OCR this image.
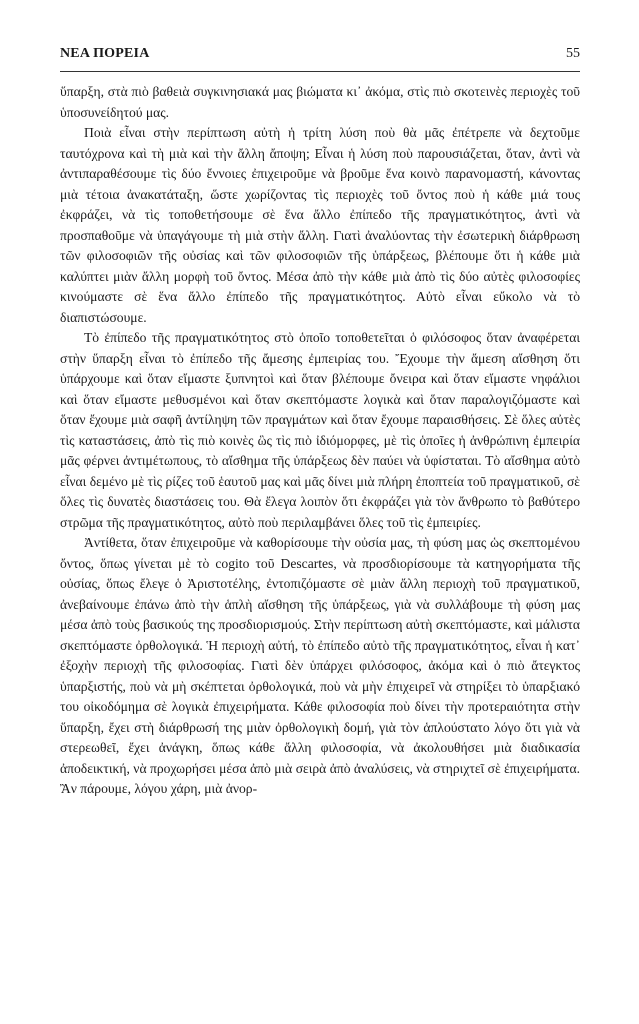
ΝΕΑ ΠΟΡΕΙΑ	55

ὕπαρξη, στὰ πιὸ βαθειὰ συγκινησιακά μας βιώματα κι᾽ ἀκόμα, στὶς πιὸ σκοτεινὲς περιοχὲς τοῦ ὑποσυνείδητού μας.

Ποιὰ εἶναι στὴν περίπτωση αὐτὴ ἡ τρίτη λύση ποὺ θὰ μᾶς ἐπέτρεπε νὰ δεχτοῦμε ταυτόχρονα καὶ τὴ μιὰ καὶ τὴν ἄλλη ἄποψη; Εἶναι ἡ λύση ποὺ παρουσιάζεται, ὅταν, ἀντὶ νὰ ἀντιπαραθέσουμε τὶς δύο ἔννοιες ἐπιχειροῦμε νὰ βροῦμε ἕνα κοινὸ παρανομαστή, κάνοντας μιὰ τέτοια ἀνακατάταξη, ὥστε χωρίζοντας τὶς περιοχὲς τοῦ ὄντος ποὺ ἡ κάθε μιά τους ἐκφράζει, νὰ τὶς τοποθετήσουμε σὲ ἕνα ἄλλο ἐπίπεδο τῆς πραγματικότητος, ἀντὶ νὰ προσπαθοῦμε νὰ ὑπαγάγουμε τὴ μιὰ στὴν ἄλλη. Γιατὶ ἀναλύοντας τὴν ἐσωτερικὴ διάρθρωση τῶν φιλοσοφιῶν τῆς οὐσίας καὶ τῶν φιλοσοφιῶν τῆς ὑπάρξεως, βλέπουμε ὅτι ἡ κάθε μιὰ καλύπτει μιὰν ἄλλη μορφὴ τοῦ ὄντος. Μέσα ἀπὸ τὴν κάθε μιὰ ἀπὸ τὶς δύο αὐτὲς φιλοσοφίες κινούμαστε σὲ ἕνα ἄλλο ἐπίπεδο τῆς πραγματικότητος. Αὐτὸ εἶναι εὔκολο νὰ τὸ διαπιστώσουμε.

Τὸ ἐπίπεδο τῆς πραγματικότητος στὸ ὁποῖο τοποθετεῖται ὁ φιλόσοφος ὅταν ἀναφέρεται στὴν ὕπαρξη εἶναι τὸ ἐπίπεδο τῆς ἄμεσης ἐμπειρίας του. Ἔχουμε τὴν ἄμεση αἴσθηση ὅτι ὑπάρχουμε καὶ ὅταν εἴμαστε ξυπνητοὶ καὶ ὅταν βλέπουμε ὄνειρα καὶ ὅταν εἴμαστε νηφάλιοι καὶ ὅταν εἴμαστε μεθυσμένοι καὶ ὅταν σκεπτόμαστε λογικὰ καὶ ὅταν παραλογιζόμαστε καὶ ὅταν ἔχουμε μιὰ σαφῆ ἀντίληψη τῶν πραγμάτων καὶ ὅταν ἔχουμε παραισθήσεις. Σὲ ὅλες αὐτὲς τὶς καταστάσεις, ἀπὸ τὶς πιὸ κοινὲς ὣς τὶς πιὸ ἰδιόμορφες, μὲ τὶς ὁποῖες ἡ ἀνθρώπινη ἐμπειρία μᾶς φέρνει ἀντιμέτωπους, τὸ αἴσθημα τῆς ὑπάρξεως δὲν παύει νὰ ὑφίσταται. Τὸ αἴσθημα αὐτὸ εἶναι δεμένο μὲ τὶς ρίζες τοῦ ἑαυτοῦ μας καὶ μᾶς δίνει μιὰ πλήρη ἐποπτεία τοῦ πραγματικοῦ, σὲ ὅλες τὶς δυνατὲς διαστάσεις του. Θὰ ἔλεγα λοιπὸν ὅτι ἐκφράζει γιὰ τὸν ἄνθρωπο τὸ βαθύτερο στρῶμα τῆς πραγματικότητος, αὐτὸ ποὺ περιλαμβάνει ὅλες τοῦ τὶς ἐμπειρίες.

Ἀντίθετα, ὅταν ἐπιχειροῦμε νὰ καθορίσουμε τὴν οὐσία μας, τὴ φύση μας ὡς σκεπτομένου ὄντος, ὅπως γίνεται μὲ τὸ cogito τοῦ Descartes, νὰ προσδιορίσουμε τὰ κατηγορήματα τῆς οὐσίας, ὅπως ἔλεγε ὁ Ἀριστοτέλης, ἐντοπιζόμαστε σὲ μιὰν ἄλλη περιοχὴ τοῦ πραγματικοῦ, ἀνεβαίνουμε ἐπάνω ἀπὸ τὴν ἁπλὴ αἴσθηση τῆς ὑπάρξεως, γιὰ νὰ συλλάβουμε τὴ φύση μας μέσα ἀπὸ τοὺς βασικούς της προσδιορισμούς. Στὴν περίπτωση αὐτὴ σκεπτόμαστε, καὶ μάλιστα σκεπτόμαστε ὀρθολογικά. Ἡ περιοχὴ αὐτή, τὸ ἐπίπεδο αὐτὸ τῆς πραγματικότητος, εἶναι ἡ κατ᾽ ἐξοχὴν περιοχὴ τῆς φιλοσοφίας. Γιατὶ δὲν ὑπάρχει φιλόσοφος, ἀκόμα καὶ ὁ πιὸ ἄτεγκτος ὑπαρξιστής, ποὺ νὰ μὴ σκέπτεται ὀρθολογικά, ποὺ νὰ μὴν ἐπιχειρεῖ νὰ στηρίξει τὸ ὑπαρξιακό του οἰκοδόμημα σὲ λογικὰ ἐπιχειρήματα. Κάθε φιλοσοφία ποὺ δίνει τὴν προτεραιότητα στὴν ὕπαρξη, ἔχει στὴ διάρθρωσή της μιὰν ὀρθολογικὴ δομή, γιὰ τὸν ἁπλούστατο λόγο ὅτι γιὰ νὰ στερεωθεῖ, ἔχει ἀνάγκη, ὅπως κάθε ἄλλη φιλοσοφία, νὰ ἀκολουθήσει μιὰ διαδικασία ἀποδεικτική, νὰ προχωρήσει μέσα ἀπὸ μιὰ σειρὰ ἀπὸ ἀναλύσεις, νὰ στηριχτεῖ σὲ ἐπιχειρήματα. Ἂν πάρουμε, λόγου χάρη, μιὰ ἀνορ-
